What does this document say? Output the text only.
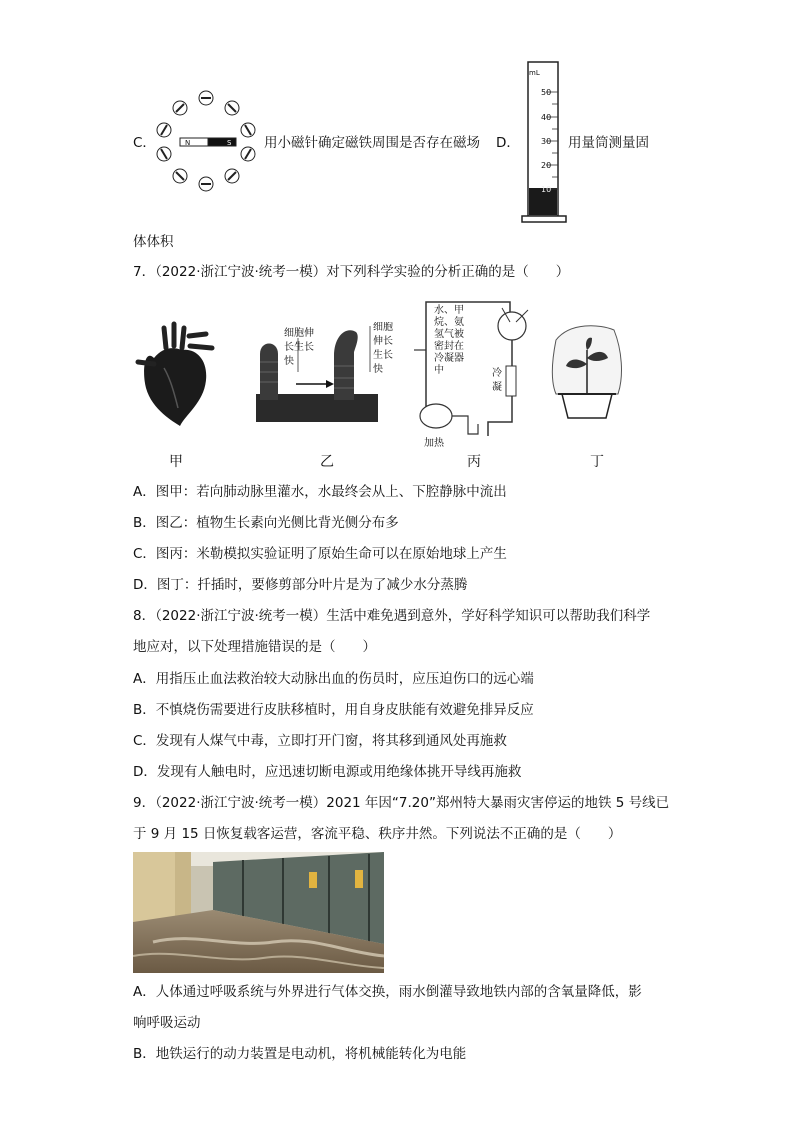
C．	N	S 用小磁针确定磁铁周围是否存在磁场 D．
mL
50
40
30
20
10
用量筒测量固
体体积
7．（2022·浙江宁波·统考一模）对下列科学实验的分析正确的是（　　）
细胞伸
长生长
快
细胞
伸长
生长
快
水、甲
烷、氨
氢气被
密封在
冷凝器
中	冷
凝
加热
甲	乙	丙	丁
A．图甲：若向肺动脉里灌水，水最终会从上、下腔静脉中流出
B．图乙：植物生长素向光侧比背光侧分布多
C．图丙：米勒模拟实验证明了原始生命可以在原始地球上产生
D．图丁：扦插时，要修剪部分叶片是为了减少水分蒸腾
8．（2022·浙江宁波·统考一模）生活中难免遇到意外，学好科学知识可以帮助我们科学
地应对，以下处理措施错误的是（　　）
A．用指压止血法救治较大动脉出血的伤员时，应压迫伤口的远心端
B．不慎烧伤需要进行皮肤移植时，用自身皮肤能有效避免排异反应
C．发现有人煤气中毒，立即打开门窗，将其移到通风处再施救
D．发现有人触电时，应迅速切断电源或用绝缘体挑开导线再施救
9．（2022·浙江宁波·统考一模）2021 年因“7.20”郑州特大暴雨灾害停运的地铁 5 号线已
于 9 月 15 日恢复载客运营，客流平稳、秩序井然。下列说法不正确的是（　　）
A．人体通过呼吸系统与外界进行气体交换，雨水倒灌导致地铁内部的含氧量降低，影
响呼吸运动
B．地铁运行的动力装置是电动机，将机械能转化为电能
